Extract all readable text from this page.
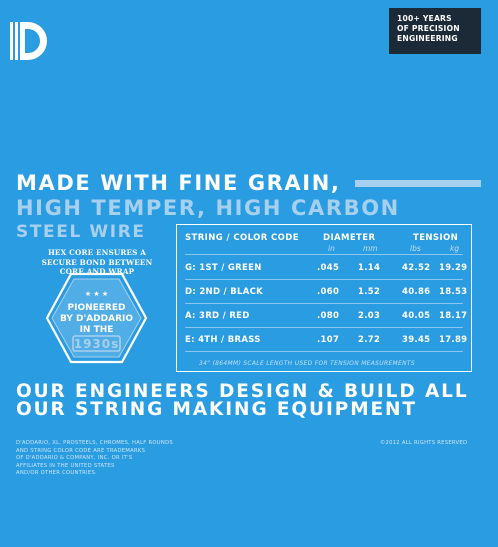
100+ YEARS
OF PRECISION
ENGINEERING
MADE WITH FINE GRAIN,
HIGH TEMPER, HIGH CARBON
STEEL WIRE
HEX CORE ENSURES A
SECURE BOND BETWEEN
CORE AND WRAP
★ ★ ★
PIONEERED
BY D'ADDARIO
IN THE
1930s
STRING / COLOR CODE	DIAMETER	TENSION
in	mm	lbs	kg
G: 1ST / GREEN	.045 1.14	42.52 19.29
D: 2ND / BLACK	.060 1.52	40.86 18.53
A: 3RD / RED	.080 2.03	40.05 18.17
E: 4TH / BRASS	.107 2.72	39.45 17.89
34" (864MM) SCALE LENGTH USED FOR TENSION MEASUREMENTS
OUR ENGINEERS DESIGN & BUILD ALL
OUR STRING MAKING EQUIPMENT
D'ADDARIO, XL, PROSTEELS, CHROMES, HALF ROUNDS
AND STRING COLOR CODE ARE TRADEMARKS
OF D'ADDARIO & COMPANY, INC. OR IT'S
AFFILIATES IN THE UNITED STATES
AND/OR OTHER COUNTRIES.
©2012 ALL RIGHTS RESERVED
